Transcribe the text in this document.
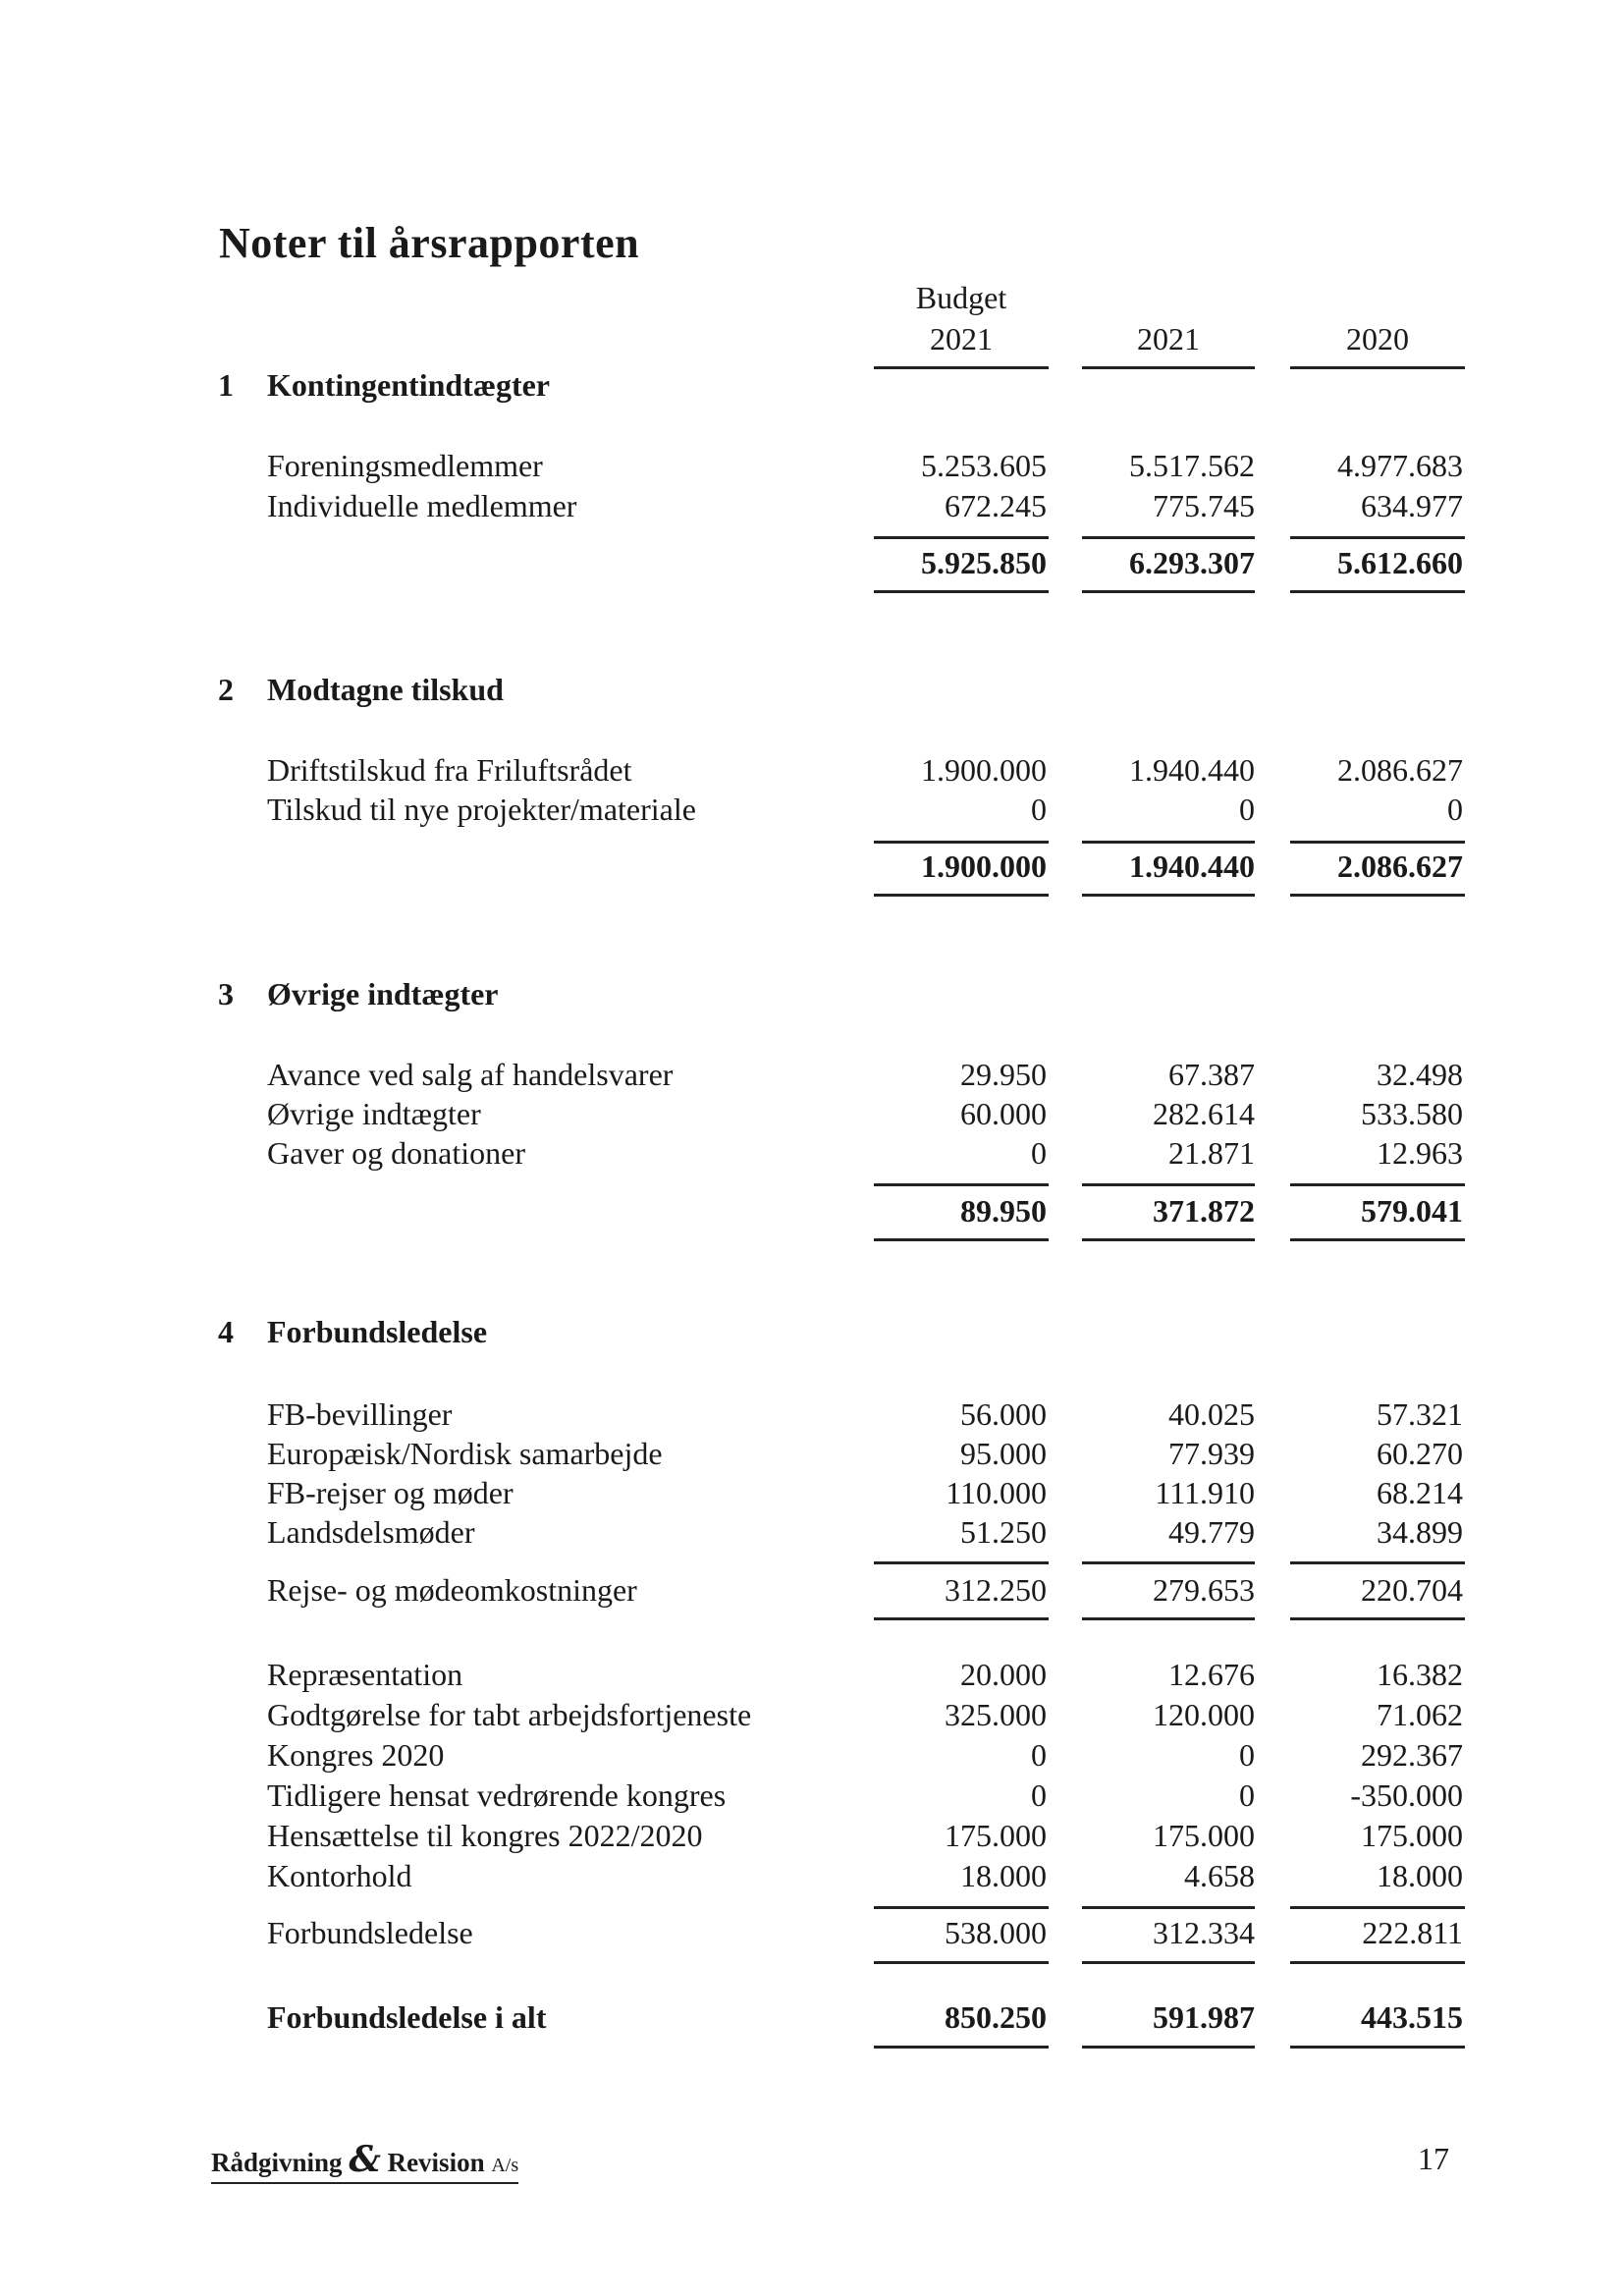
Noter til årsrapporten
Budget
2021
	2021
	2020
1 Kontingentindtægter
Foreningsmedlemmer	5.253.605	5.517.562	4.977.683
Individuelle medlemmer	672.245	775.745	634.977
5.925.850	6.293.307	5.612.660
2 Modtagne tilskud
Driftstilskud fra Friluftsrådet	1.900.000	1.940.440	2.086.627
Tilskud til nye projekter/materiale	0	0	0
1.900.000	1.940.440	2.086.627
3 Øvrige indtægter
Avance ved salg af handelsvarer	29.950	67.387	32.498
Øvrige indtægter	60.000	282.614	533.580
Gaver og donationer	0	21.871	12.963
89.950	371.872	579.041
4 Forbundsledelse
FB-bevillinger	56.000	40.025	57.321
Europæisk/Nordisk samarbejde	95.000	77.939	60.270
FB-rejser og møder	110.000	111.910	68.214
Landsdelsmøder	51.250	49.779	34.899
Rejse- og mødeomkostninger	312.250	279.653	220.704
Repræsentation	20.000	12.676	16.382
Godtgørelse for tabt arbejdsfortjeneste	325.000	120.000	71.062
Kongres 2020	0	0	292.367
Tidligere hensat vedrørende kongres	0	0	-350.000
Hensættelse til kongres 2022/2020	175.000	175.000	175.000
Kontorhold	18.000	4.658	18.000
Forbundsledelse	538.000	312.334	222.811
Forbundsledelse i alt	850.250	591.987	443.515
Rådgivning & Revision A/s	17
